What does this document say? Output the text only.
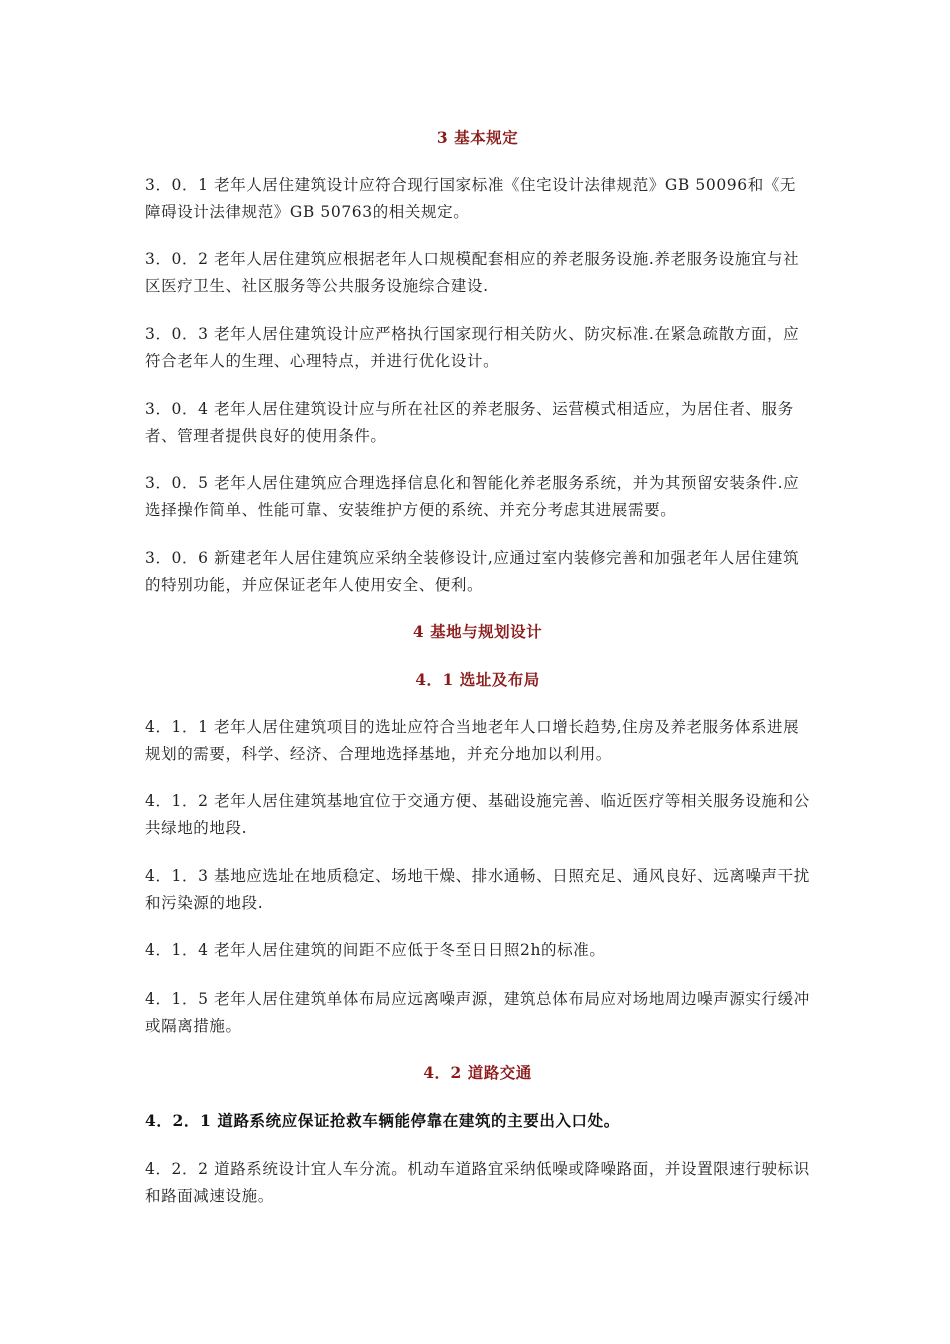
3 基本规定
3．0．1 老年人居住建筑设计应符合现行国家标准《住宅设计法律规范》GB 50096和《无障碍设计法律规范》GB 50763的相关规定。
3．0．2 老年人居住建筑应根据老年人口规模配套相应的养老服务设施.养老服务设施宜与社区医疗卫生、社区服务等公共服务设施综合建设.
3．0．3 老年人居住建筑设计应严格执行国家现行相关防火、防灾标准.在紧急疏散方面，应符合老年人的生理、心理特点，并进行优化设计。
3．0．4 老年人居住建筑设计应与所在社区的养老服务、运营模式相适应，为居住者、服务者、管理者提供良好的使用条件。
3．0．5 老年人居住建筑应合理选择信息化和智能化养老服务系统，并为其预留安装条件.应选择操作简单、性能可靠、安装维护方便的系统、并充分考虑其进展需要。
3．0．6 新建老年人居住建筑应采纳全装修设计,应通过室内装修完善和加强老年人居住建筑的特别功能，并应保证老年人使用安全、便利。
4 基地与规划设计
4．1 选址及布局
4．1．1 老年人居住建筑项目的选址应符合当地老年人口增长趋势,住房及养老服务体系进展规划的需要，科学、经济、合理地选择基地，并充分地加以利用。
4．1．2 老年人居住建筑基地宜位于交通方便、基础设施完善、临近医疗等相关服务设施和公共绿地的地段.
4．1．3 基地应选址在地质稳定、场地干燥、排水通畅、日照充足、通风良好、远离噪声干扰和污染源的地段.
4．1．4 老年人居住建筑的间距不应低于冬至日日照2h的标准。
4．1．5 老年人居住建筑单体布局应远离噪声源，建筑总体布局应对场地周边噪声源实行缓冲或隔离措施。
4．2 道路交通
4．2．1 道路系统应保证抢救车辆能停靠在建筑的主要出入口处。
4．2．2 道路系统设计宜人车分流。机动车道路宜采纳低噪或降噪路面，并设置限速行驶标识和路面减速设施。
